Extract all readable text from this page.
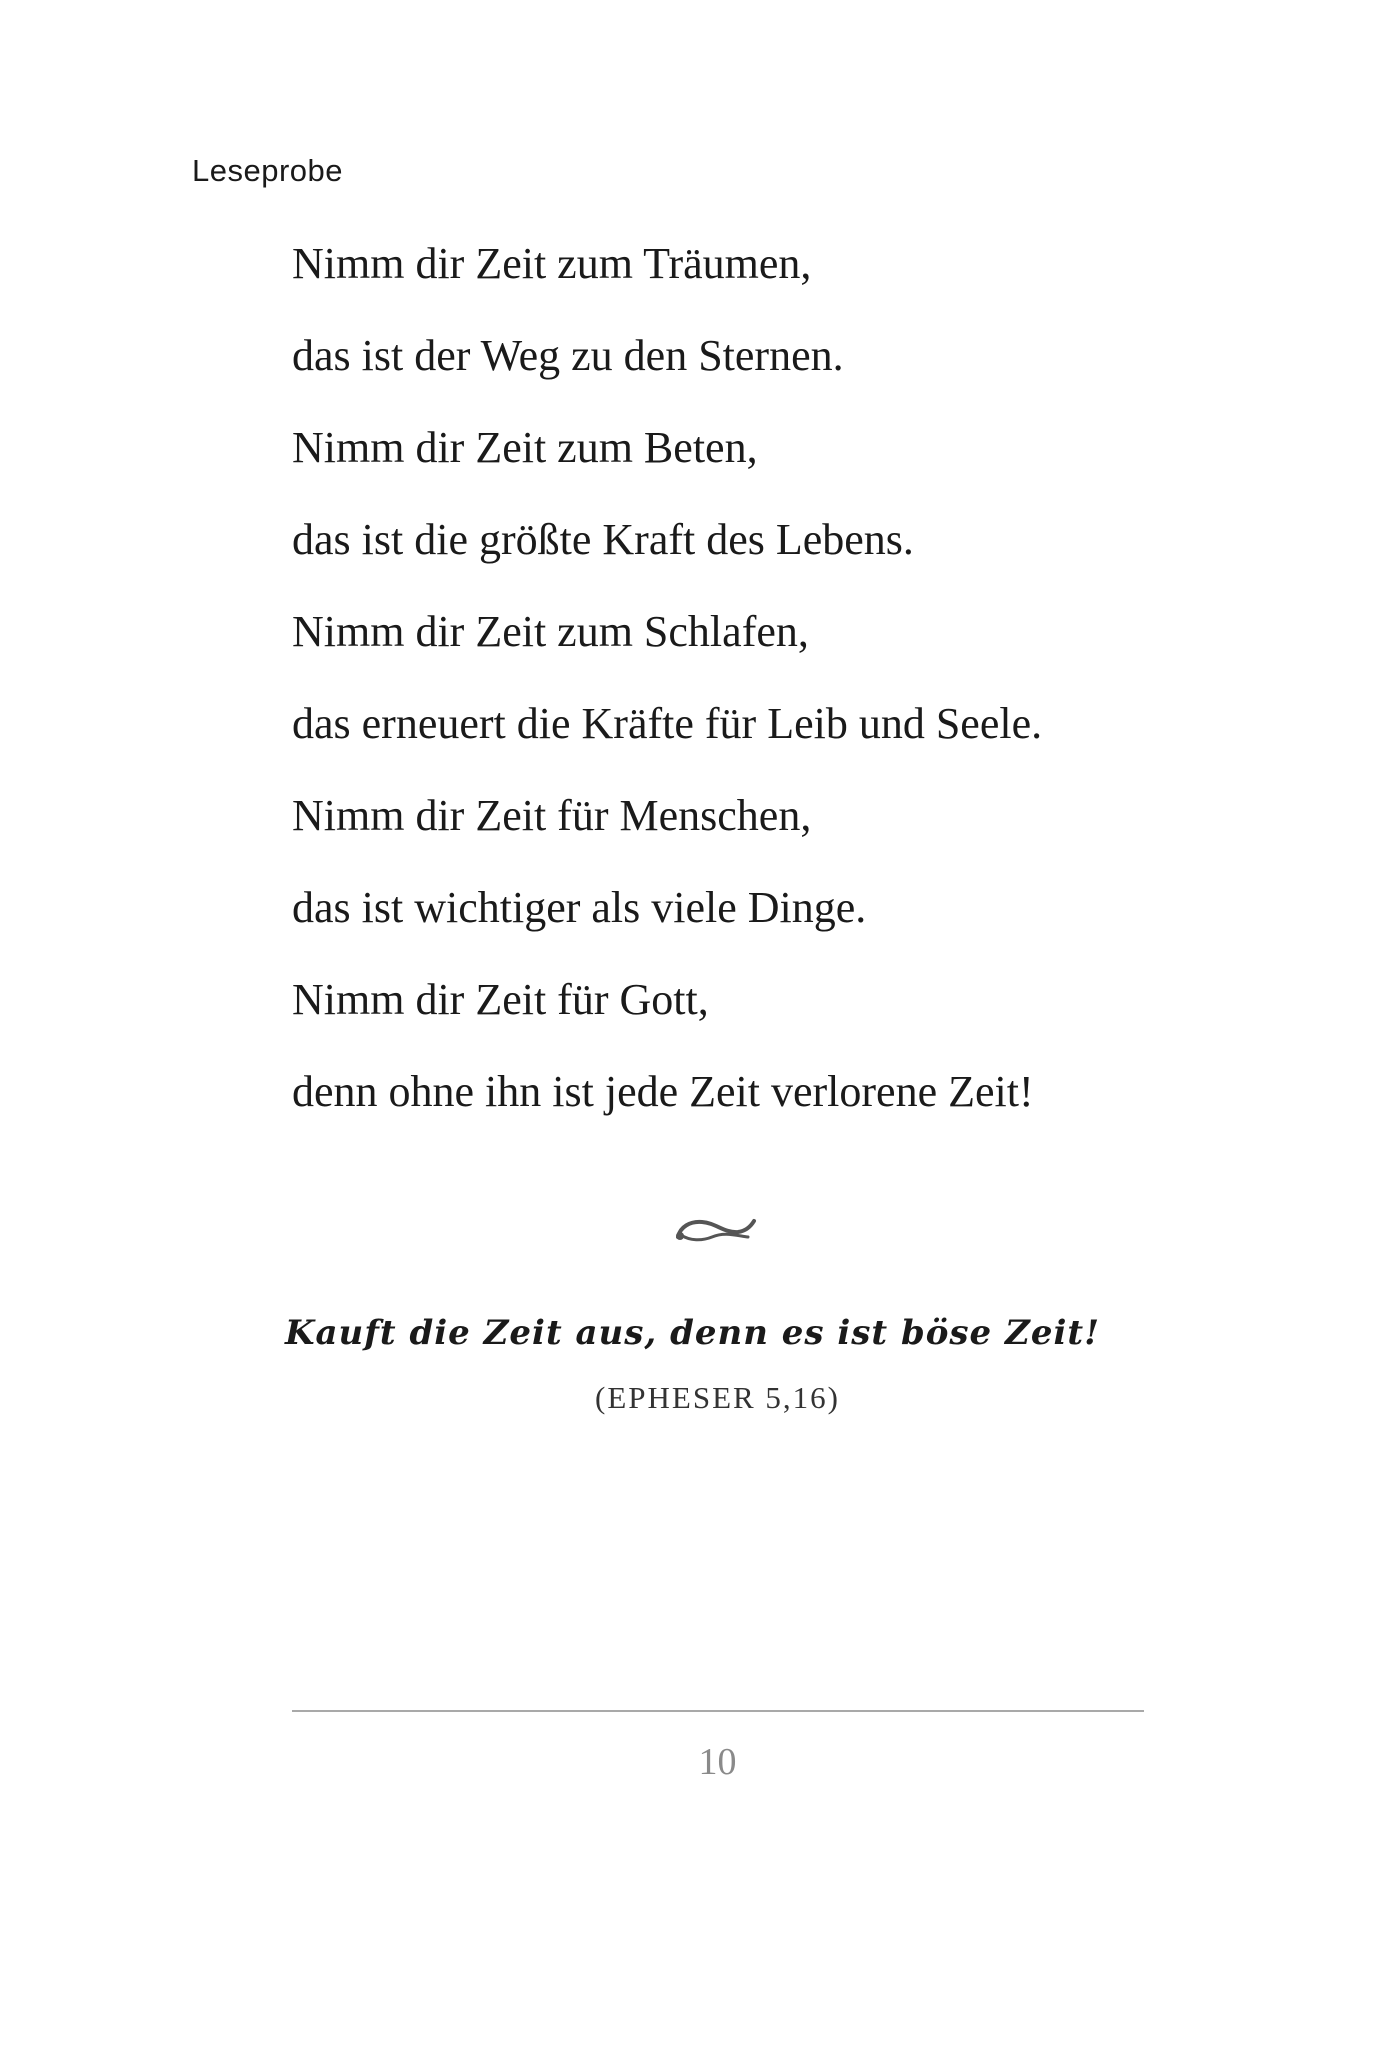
Leseprobe
Nimm dir Zeit zum Träumen,
das ist der Weg zu den Sternen.
Nimm dir Zeit zum Beten,
das ist die größte Kraft des Lebens.
Nimm dir Zeit zum Schlafen,
das erneuert die Kräfte für Leib und Seele.
Nimm dir Zeit für Menschen,
das ist wichtiger als viele Dinge.
Nimm dir Zeit für Gott,
denn ohne ihn ist jede Zeit verlorene Zeit!
Kauft die Zeit aus, denn es ist böse Zeit!
(EPHESER 5,16)
10
